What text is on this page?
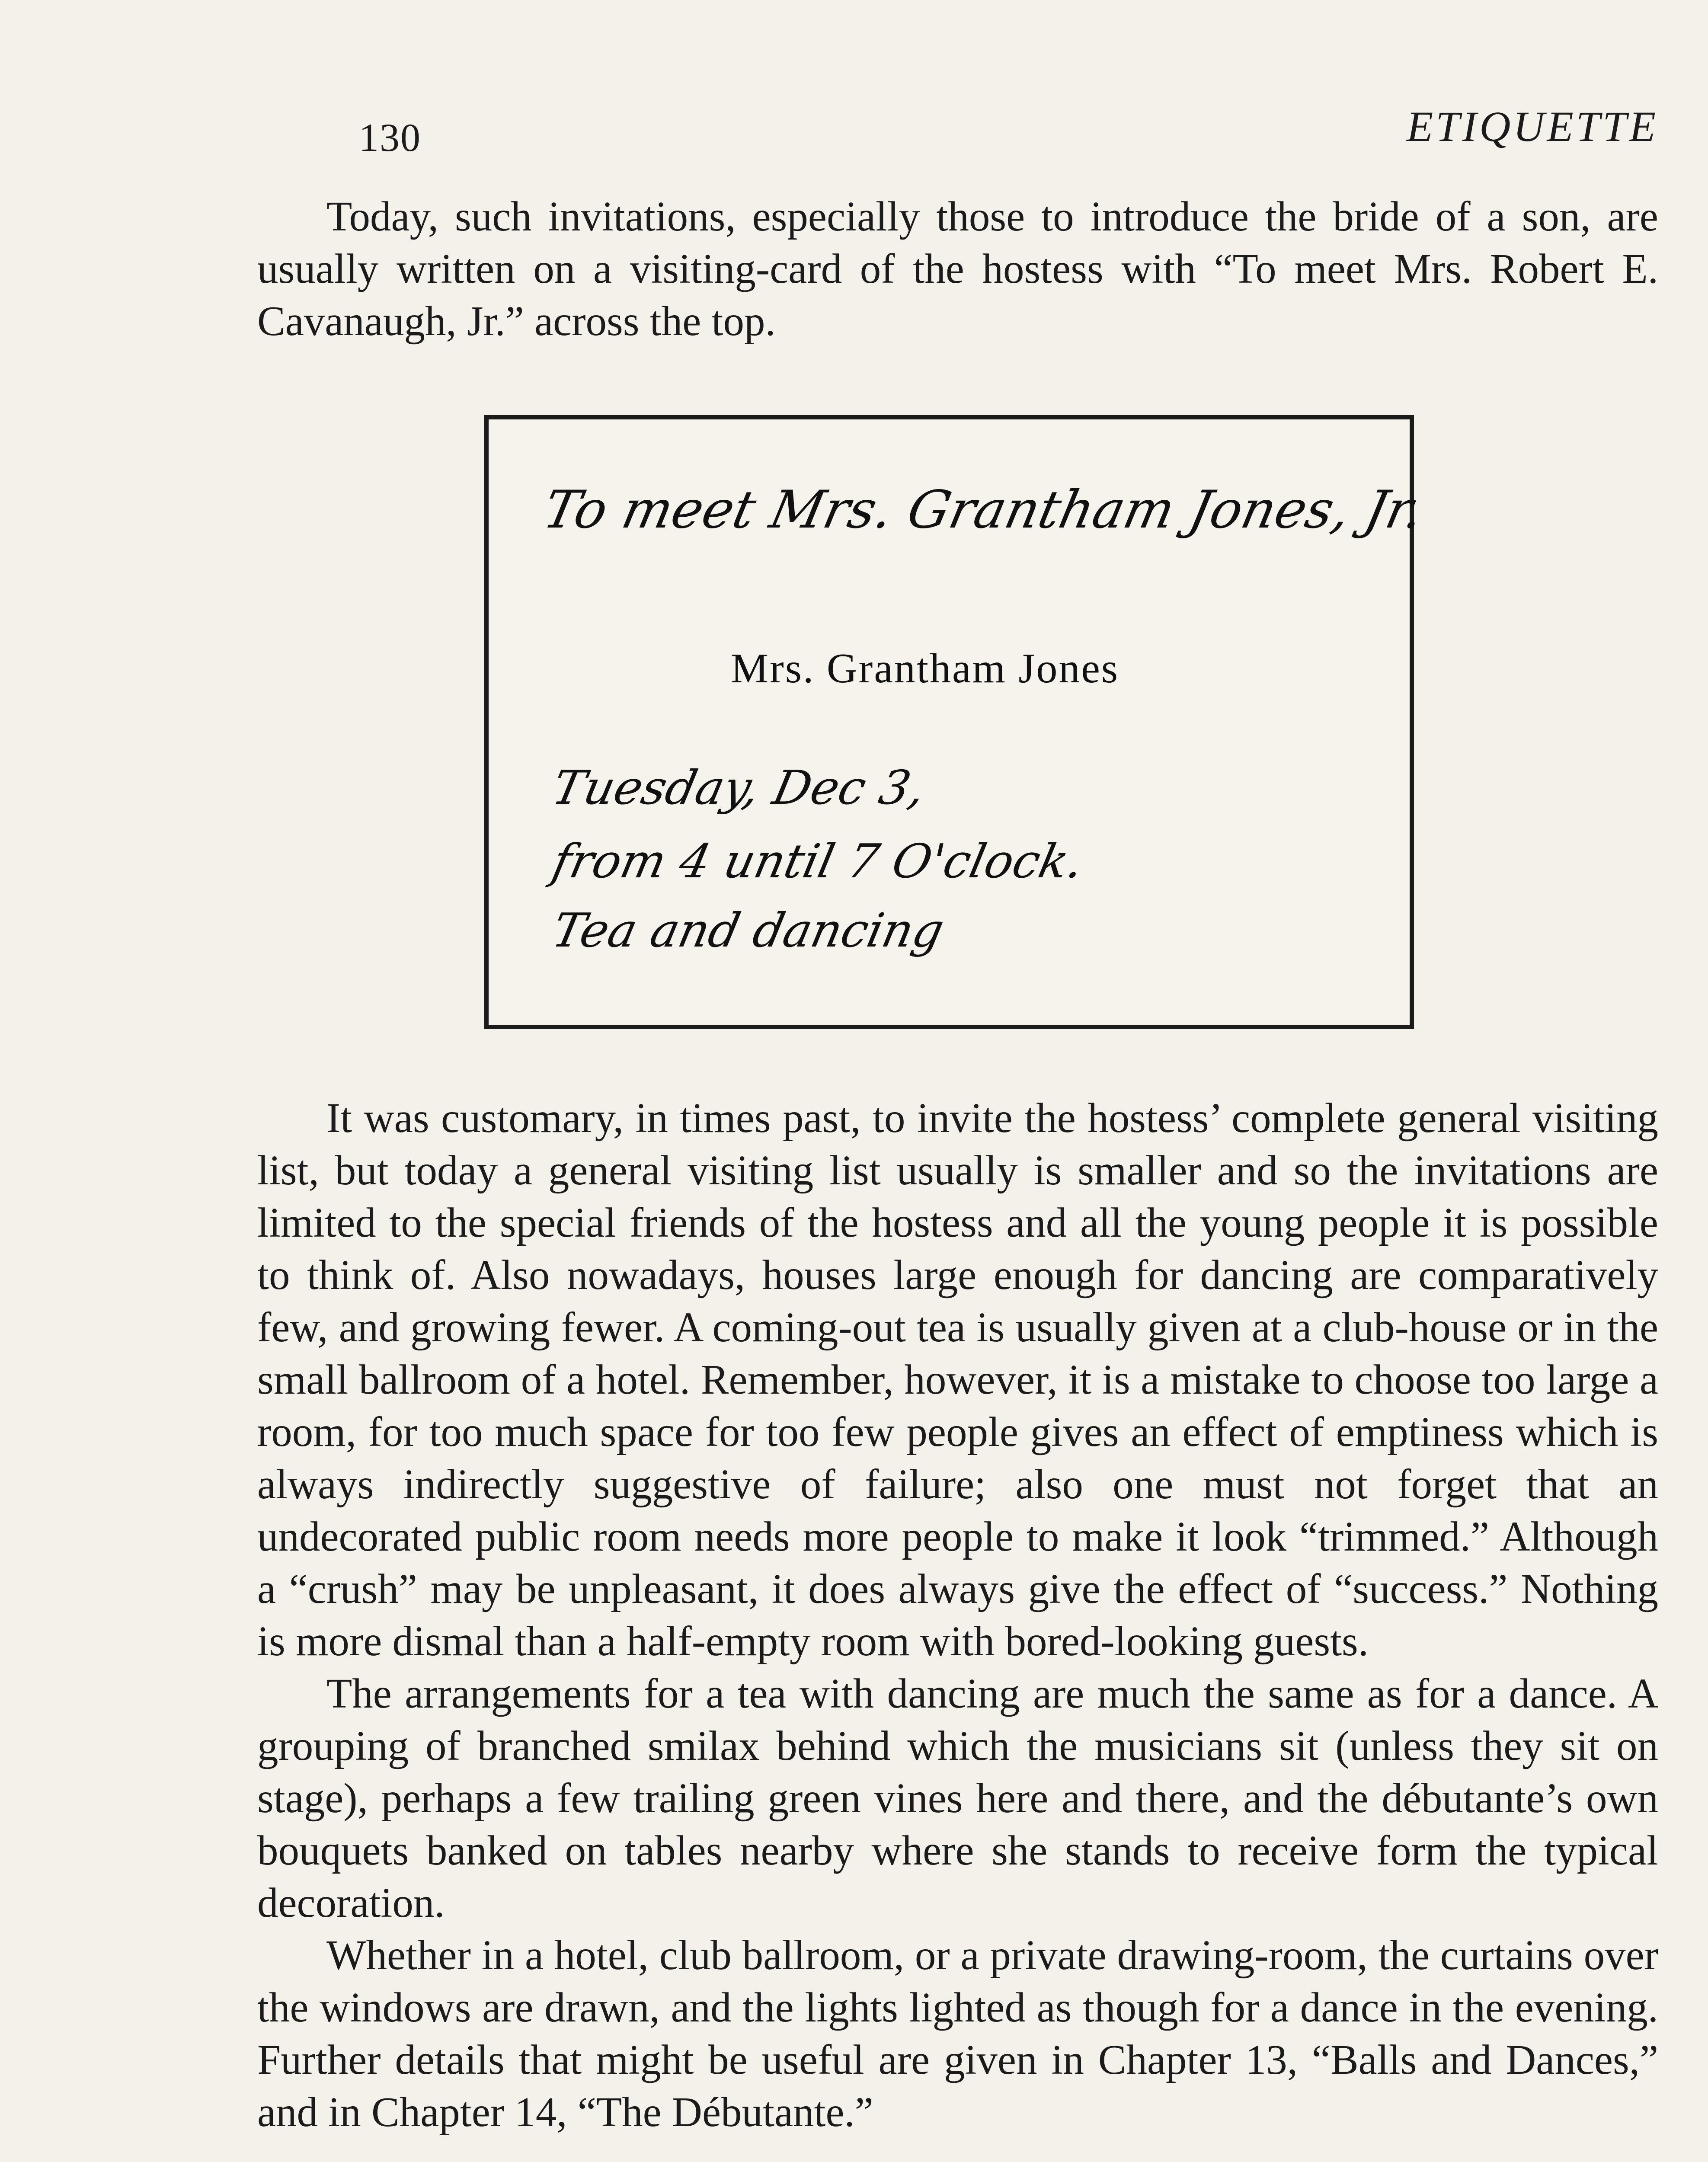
130	ETIQUETTE

Today, such invitations, especially those to introduce the bride of a son, are usually written on a visiting-card of the hostess with “To meet Mrs. Robert E. Cavanaugh, Jr.” across the top.

To meet Mrs. Grantham Jones, Jr.
Mrs. Grantham Jones
Tuesday, Dec 3,
from 4 until 7 O'clock.
Tea and dancing

It was customary, in times past, to invite the hostess’ complete general visiting list, but today a general visiting list usually is smaller and so the invitations are limited to the special friends of the hostess and all the young people it is possible to think of. Also nowadays, houses large enough for dancing are comparatively few, and growing fewer. A coming-out tea is usually given at a club-house or in the small ballroom of a hotel. Remember, however, it is a mistake to choose too large a room, for too much space for too few people gives an effect of emptiness which is always indirectly suggestive of failure; also one must not forget that an undecorated public room needs more people to make it look “trimmed.” Although a “crush” may be unpleasant, it does always give the effect of “success.” Nothing is more dismal than a half-empty room with bored-looking guests.

The arrangements for a tea with dancing are much the same as for a dance. A grouping of branched smilax behind which the musicians sit (unless they sit on stage), perhaps a few trailing green vines here and there, and the débutante’s own bouquets banked on tables nearby where she stands to receive form the typical decoration.

Whether in a hotel, club ballroom, or a private drawing-room, the curtains over the windows are drawn, and the lights lighted as though for a dance in the evening. Further details that might be useful are given in Chapter 13, “Balls and Dances,” and in Chapter 14, “The Débutante.”
